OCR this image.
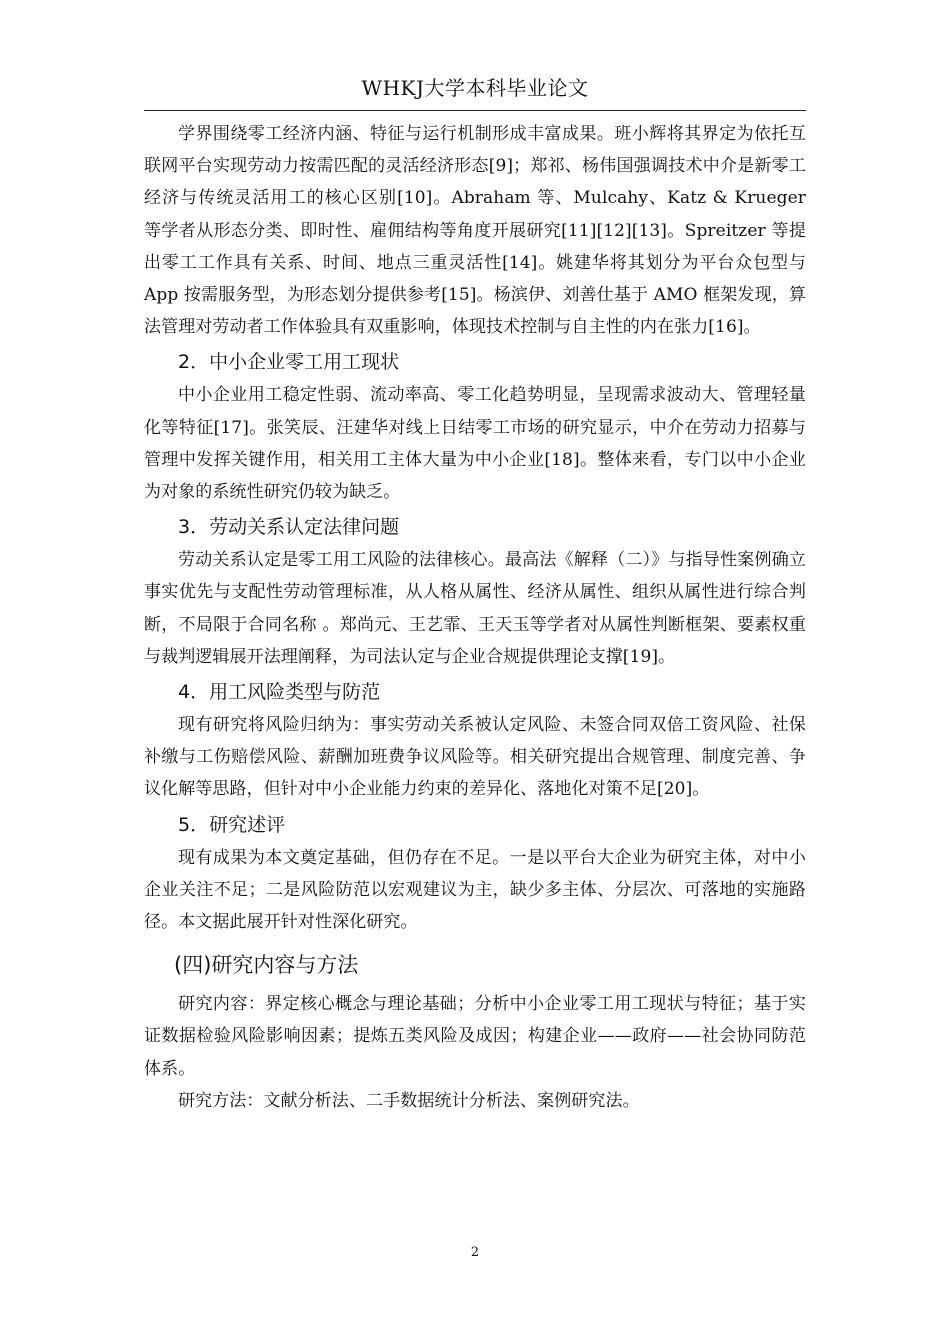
WHKJ大学本科毕业论文

学界围绕零工经济内涵、特征与运行机制形成丰富成果。班小辉将其界定为依托互联网平台实现劳动力按需匹配的灵活经济形态[9]；郑祁、杨伟国强调技术中介是新零工经济与传统灵活用工的核心区别[10]。Abraham 等、Mulcahy、Katz & Krueger 等学者从形态分类、即时性、雇佣结构等角度开展研究[11][12][13]。Spreitzer 等提出零工工作具有关系、时间、地点三重灵活性[14]。姚建华将其划分为平台众包型与 App 按需服务型，为形态划分提供参考[15]。杨滨伊、刘善仕基于 AMO 框架发现，算法管理对劳动者工作体验具有双重影响，体现技术控制与自主性的内在张力[16]。

2．中小企业零工用工现状

中小企业用工稳定性弱、流动率高、零工化趋势明显，呈现需求波动大、管理轻量化等特征[17]。张笑辰、汪建华对线上日结零工市场的研究显示，中介在劳动力招募与管理中发挥关键作用，相关用工主体大量为中小企业[18]。整体来看，专门以中小企业为对象的系统性研究仍较为缺乏。

3．劳动关系认定法律问题

劳动关系认定是零工用工风险的法律核心。最高法《解释（二）》与指导性案例确立事实优先与支配性劳动管理标准，从人格从属性、经济从属性、组织从属性进行综合判断，不局限于合同名称 。郑尚元、王艺霏、王天玉等学者对从属性判断框架、要素权重与裁判逻辑展开法理阐释，为司法认定与企业合规提供理论支撑[19]。

4．用工风险类型与防范

现有研究将风险归纳为：事实劳动关系被认定风险、未签合同双倍工资风险、社保补缴与工伤赔偿风险、薪酬加班费争议风险等。相关研究提出合规管理、制度完善、争议化解等思路，但针对中小企业能力约束的差异化、落地化对策不足[20]。

5．研究述评

现有成果为本文奠定基础，但仍存在不足。一是以平台大企业为研究主体，对中小企业关注不足；二是风险防范以宏观建议为主，缺少多主体、分层次、可落地的实施路径。本文据此展开针对性深化研究。

(四)研究内容与方法

研究内容：界定核心概念与理论基础；分析中小企业零工用工现状与特征；基于实证数据检验风险影响因素；提炼五类风险及成因；构建企业——政府——社会协同防范体系。

研究方法：文献分析法、二手数据统计分析法、案例研究法。

2
